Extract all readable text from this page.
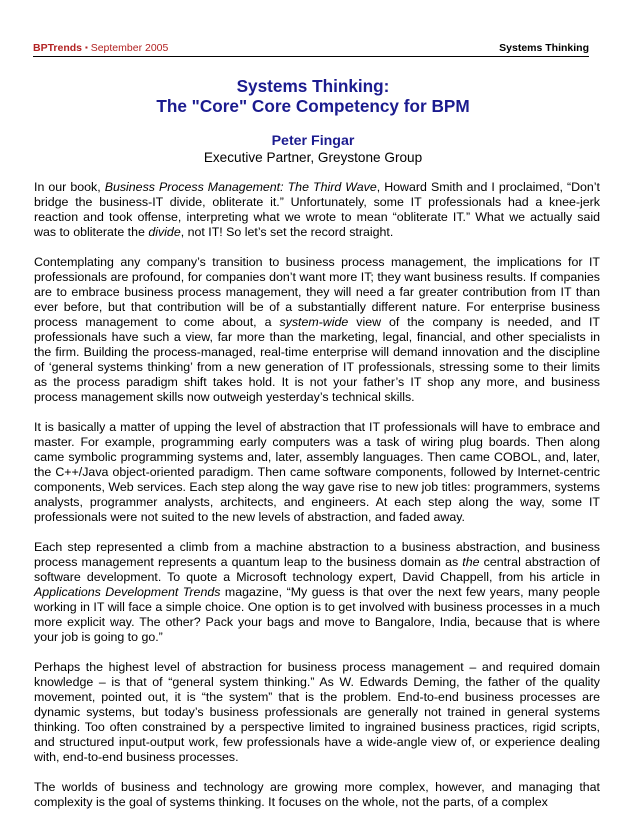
BPTrends ▪ September 2005	Systems Thinking
Systems Thinking:
The "Core" Core Competency for BPM
Peter Fingar
Executive Partner, Greystone Group

In our book, Business Process Management: The Third Wave, Howard Smith and I proclaimed, “Don’t bridge the business-IT divide, obliterate it.” Unfortunately, some IT professionals had a knee-jerk reaction and took offense, interpreting what we wrote to mean “obliterate IT.” What we actually said was to obliterate the divide, not IT! So let’s set the record straight.

Contemplating any company’s transition to business process management, the implications for IT professionals are profound, for companies don’t want more IT; they want business results. If companies are to embrace business process management, they will need a far greater contribution from IT than ever before, but that contribution will be of a substantially different nature. For enterprise business process management to come about, a system-wide view of the company is needed, and IT professionals have such a view, far more than the marketing, legal, financial, and other specialists in the firm. Building the process-managed, real-time enterprise will demand innovation and the discipline of ‘general systems thinking’ from a new generation of IT professionals, stressing some to their limits as the process paradigm shift takes hold. It is not your father’s IT shop any more, and business process management skills now outweigh yesterday’s technical skills.

It is basically a matter of upping the level of abstraction that IT professionals will have to embrace and master. For example, programming early computers was a task of wiring plug boards. Then along came symbolic programming systems and, later, assembly languages. Then came COBOL, and, later, the C++/Java object-oriented paradigm. Then came software components, followed by Internet-centric components, Web services. Each step along the way gave rise to new job titles: programmers, systems analysts, programmer analysts, architects, and engineers. At each step along the way, some IT professionals were not suited to the new levels of abstraction, and faded away.

Each step represented a climb from a machine abstraction to a business abstraction, and business process management represents a quantum leap to the business domain as the central abstraction of software development. To quote a Microsoft technology expert, David Chappell, from his article in Applications Development Trends magazine, “My guess is that over the next few years, many people working in IT will face a simple choice. One option is to get involved with business processes in a much more explicit way. The other? Pack your bags and move to Bangalore, India, because that is where your job is going to go.”

Perhaps the highest level of abstraction for business process management – and required domain knowledge – is that of “general system thinking.” As W. Edwards Deming, the father of the quality movement, pointed out, it is “the system” that is the problem. End-to-end business processes are dynamic systems, but today’s business professionals are generally not trained in general systems thinking. Too often constrained by a perspective limited to ingrained business practices, rigid scripts, and structured input-output work, few professionals have a wide-angle view of, or experience dealing with, end-to-end business processes.

The worlds of business and technology are growing more complex, however, and managing that complexity is the goal of systems thinking. It focuses on the whole, not the parts, of a complex
